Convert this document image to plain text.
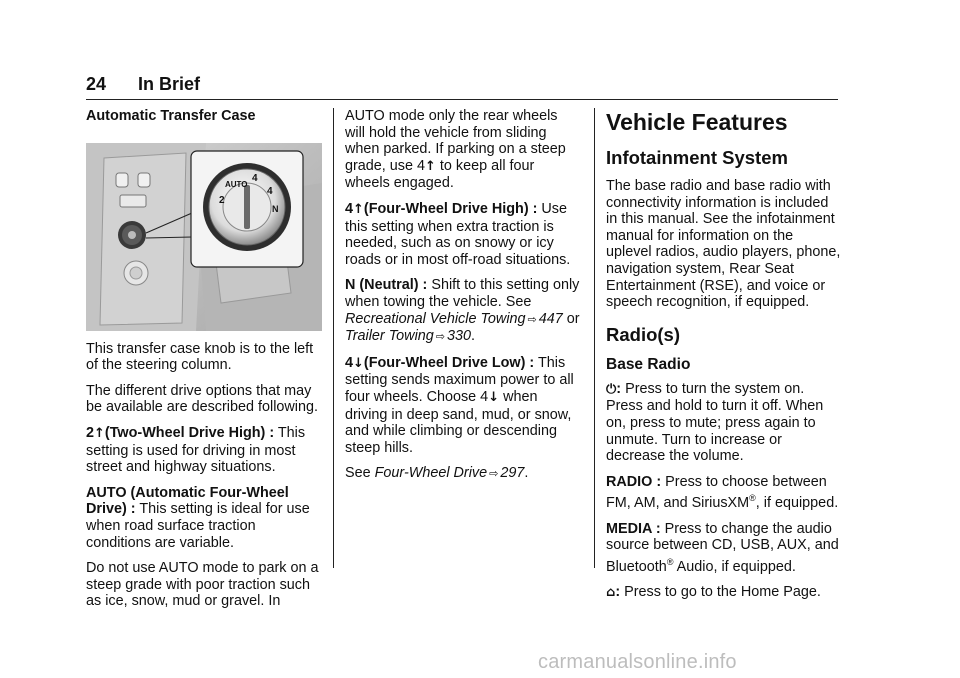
24 In Brief

Automatic Transfer Case

AUTO
2
4
4
N

This transfer case knob is to the left of the steering column.

The different drive options that may be available are described following.

2↑(Two-Wheel Drive High) : This setting is used for driving in most street and highway situations.

AUTO (Automatic Four-Wheel Drive) : This setting is ideal for use when road surface traction conditions are variable.

Do not use AUTO mode to park on a steep grade with poor traction such as ice, snow, mud or gravel. In

AUTO mode only the rear wheels will hold the vehicle from sliding when parked. If parking on a steep grade, use 4↑ to keep all four wheels engaged.

4↑(Four-Wheel Drive High) : Use this setting when extra traction is needed, such as on snowy or icy roads or in most off-road situations.

N (Neutral) : Shift to this setting only when towing the vehicle. See Recreational Vehicle Towing ⇨ 447 or Trailer Towing ⇨ 330.

4↓(Four-Wheel Drive Low) : This setting sends maximum power to all four wheels. Choose 4↓ when driving in deep sand, mud, or snow, and while climbing or descending steep hills.

See Four-Wheel Drive ⇨ 297.

Vehicle Features

Infotainment System

The base radio and base radio with connectivity information is included in this manual. See the infotainment manual for information on the uplevel radios, audio players, phone, navigation system, Rear Seat Entertainment (RSE), and voice or speech recognition, if equipped.

Radio(s)

Base Radio

⏻: Press to turn the system on. Press and hold to turn it off. When on, press to mute; press again to unmute. Turn to increase or decrease the volume.

RADIO : Press to choose between FM, AM, and SiriusXM®, if equipped.

MEDIA : Press to change the audio source between CD, USB, AUX, and Bluetooth® Audio, if equipped.

⌂: Press to go to the Home Page.

carmanualsonline.info
